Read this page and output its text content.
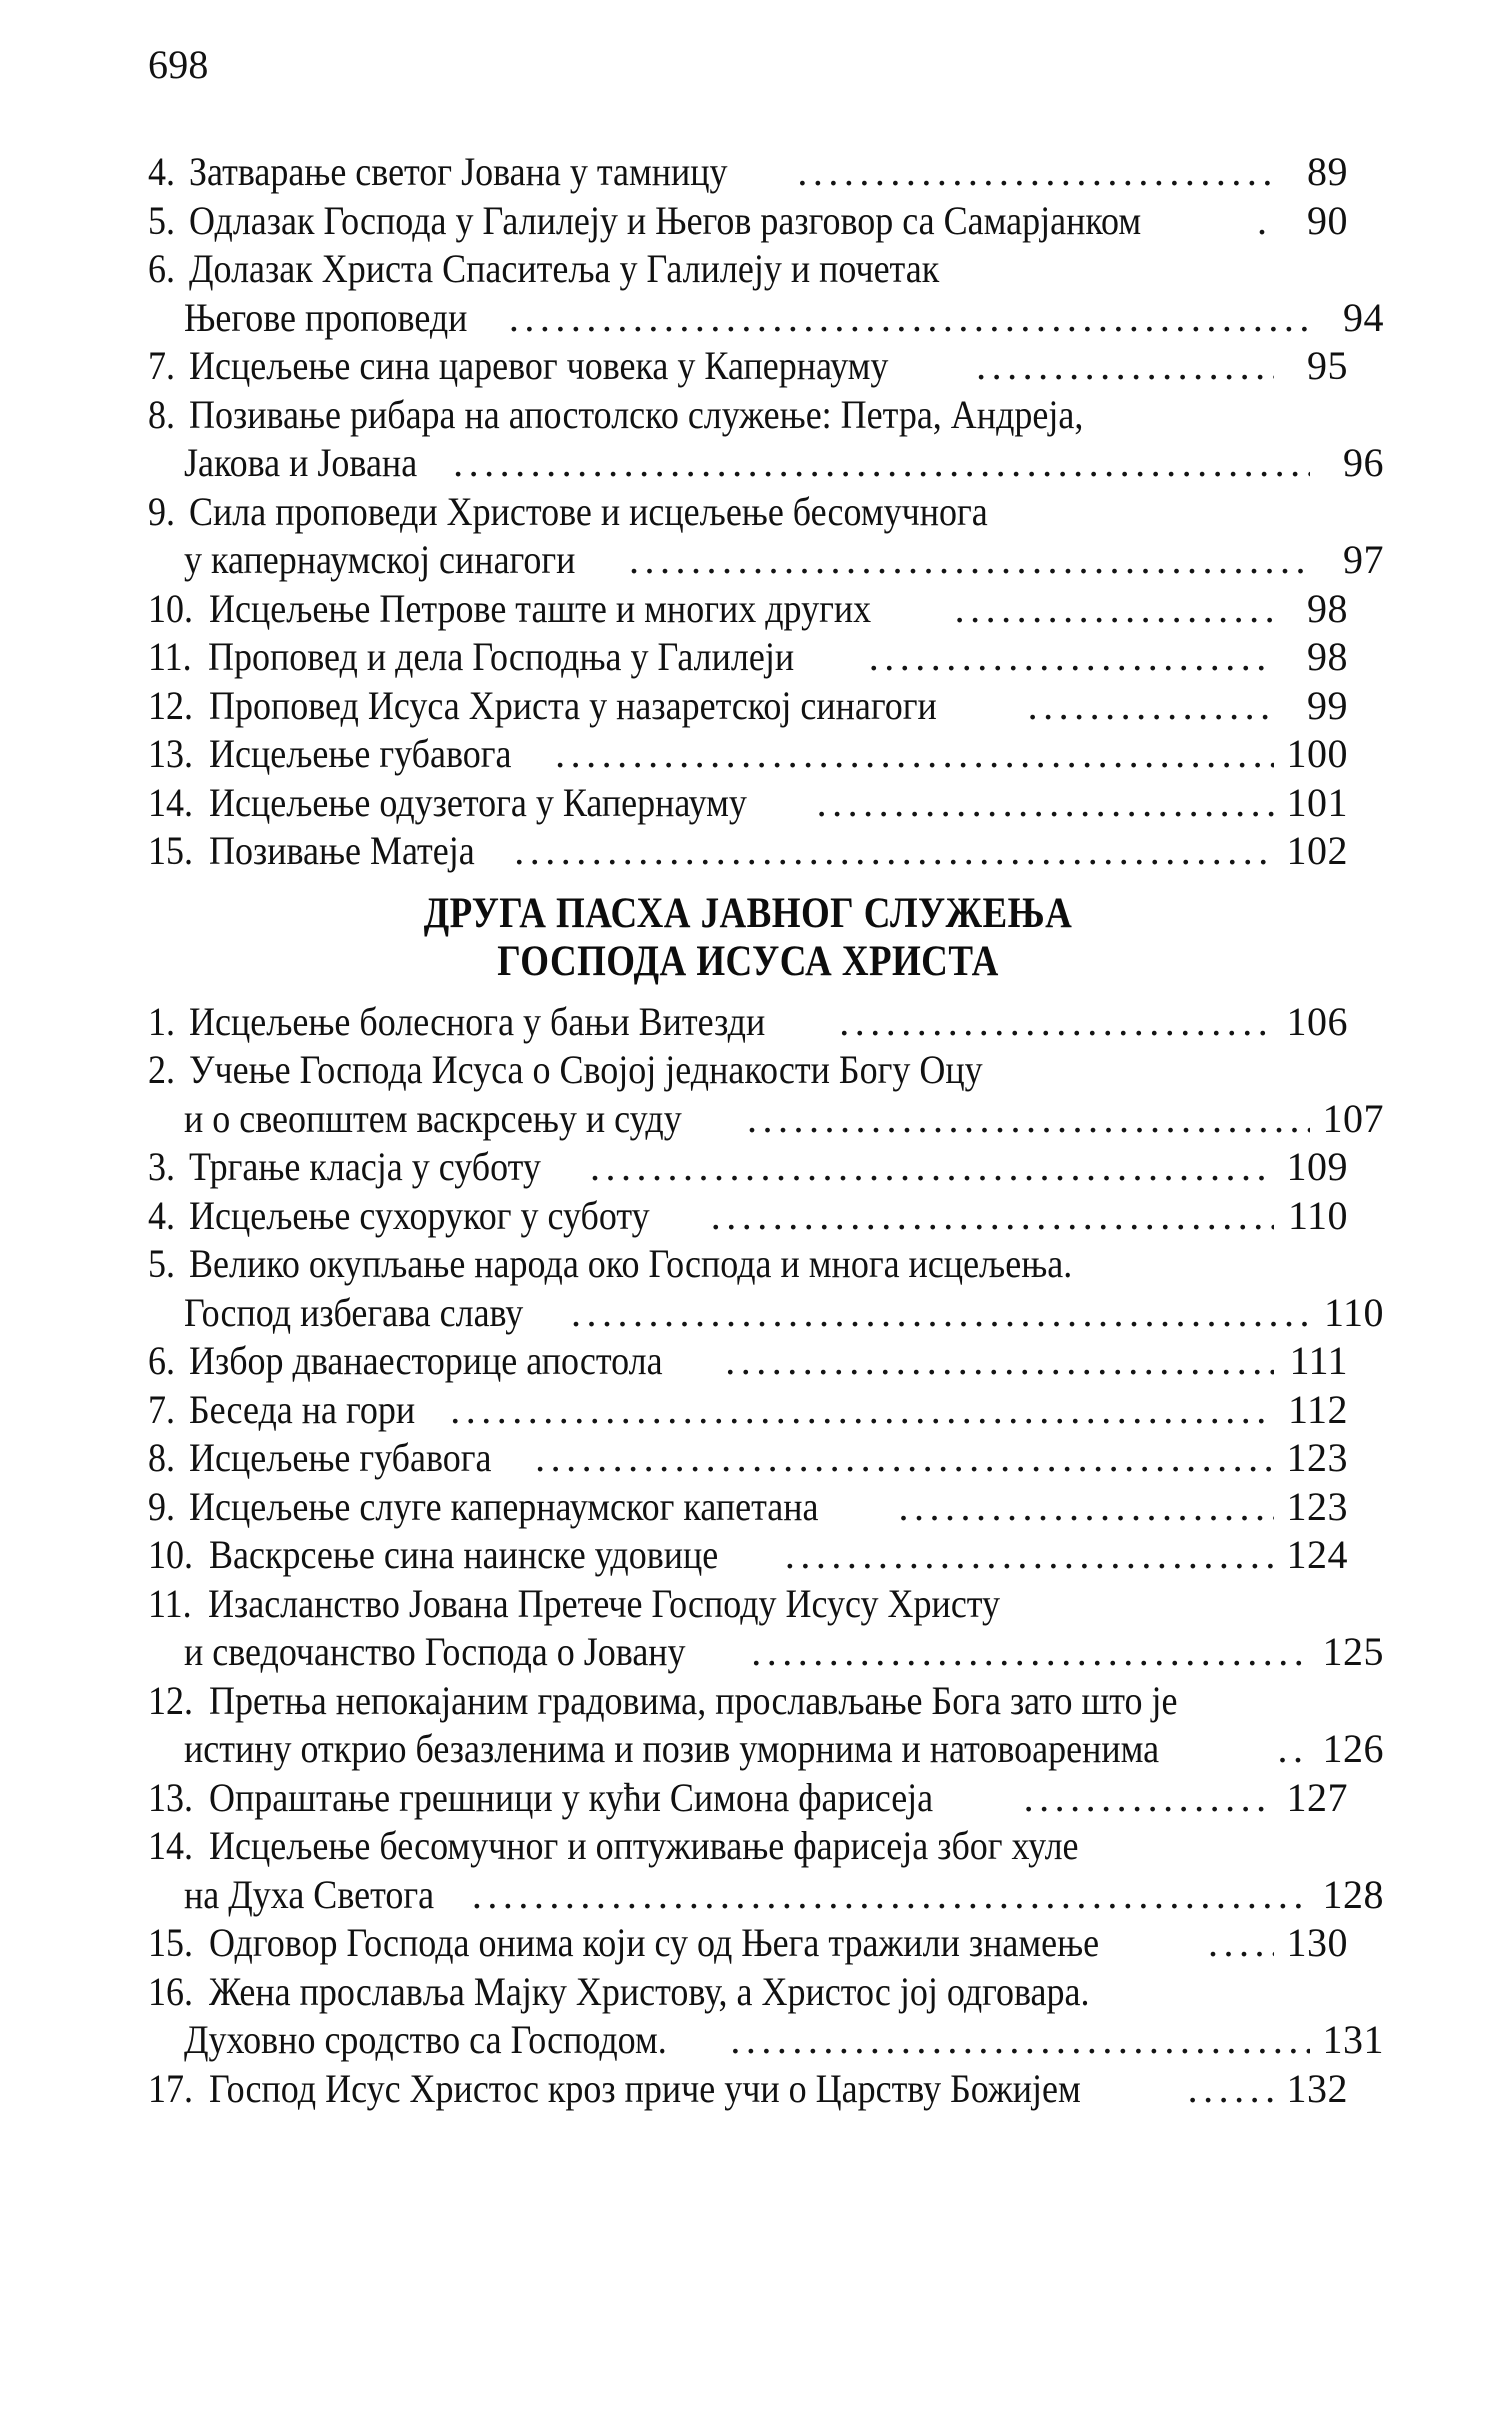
698
4. Затварање светог Јована у тамницу .....	89
5. Одлазак Господа у Галилеју и Његов разговор са Самарјанком .....	90
6. Долазак Христа Спаситеља у Галилеју и почетак
Његове проповеди .....	94
7. Исцељење сина царевог човека у Капернауму .....	95
8. Позивање рибара на апостолско служење: Петра, Андреја,
Јакова и Јована .....	96
9. Сила проповеди Христове и исцељење бесомучнога
у капернаумској синагоги .....	97
10. Исцељење Петрове таште и многих других .....	98
11. Проповед и дела Господња у Галилеји .....	98
12. Проповед Исуса Христа у назаретској синагоги .....	99
13. Исцељење губавога .....	100
14. Исцељење одузетога у Капернауму .....	101
15. Позивање Матеја .....	102
ДРУГА ПАСХА ЈАВНОГ СЛУЖЕЊА
ГОСПОДА ИСУСА ХРИСТА
1. Исцељење болеснога у бањи Витезди .....	106
2. Учење Господа Исуса о Својој једнакости Богу Оцу
и о свеопштем васкрсењу и суду .....	107
3. Тргање класја у суботу .....	109
4. Исцељење сухоруког у суботу .....	110
5. Велико окупљање народа око Господа и многа исцељења.
Господ избегава славу .....	110
6. Избор дванаесторице апостола .....	111
7. Беседа на гори .....	112
8. Исцељење губавога .....	123
9. Исцељење слуге капернаумског капетана .....	123
10. Васкрсење сина наинске удовице .....	124
11. Изасланство Јована Претече Господу Исусу Христу
и сведочанство Господа о Јовану .....	125
12. Претња непокајаним градовима, прослављање Бога зато што је
истину открио безазленима и позив уморнима и натовоаренима .....	126
13. Опраштање грешници у кући Симона фарисеја .....	127
14. Исцељење бесомучног и оптуживање фарисеја због хуле
на Духа Светога .....	128
15. Одговор Господа онима који су од Њега тражили знамење .....	130
16. Жена прославља Мајку Христову, а Христос јој одговара.
Духовно сродство са Господом. .....	131
17. Господ Исус Христос кроз приче учи о Царству Божијем .....	132
